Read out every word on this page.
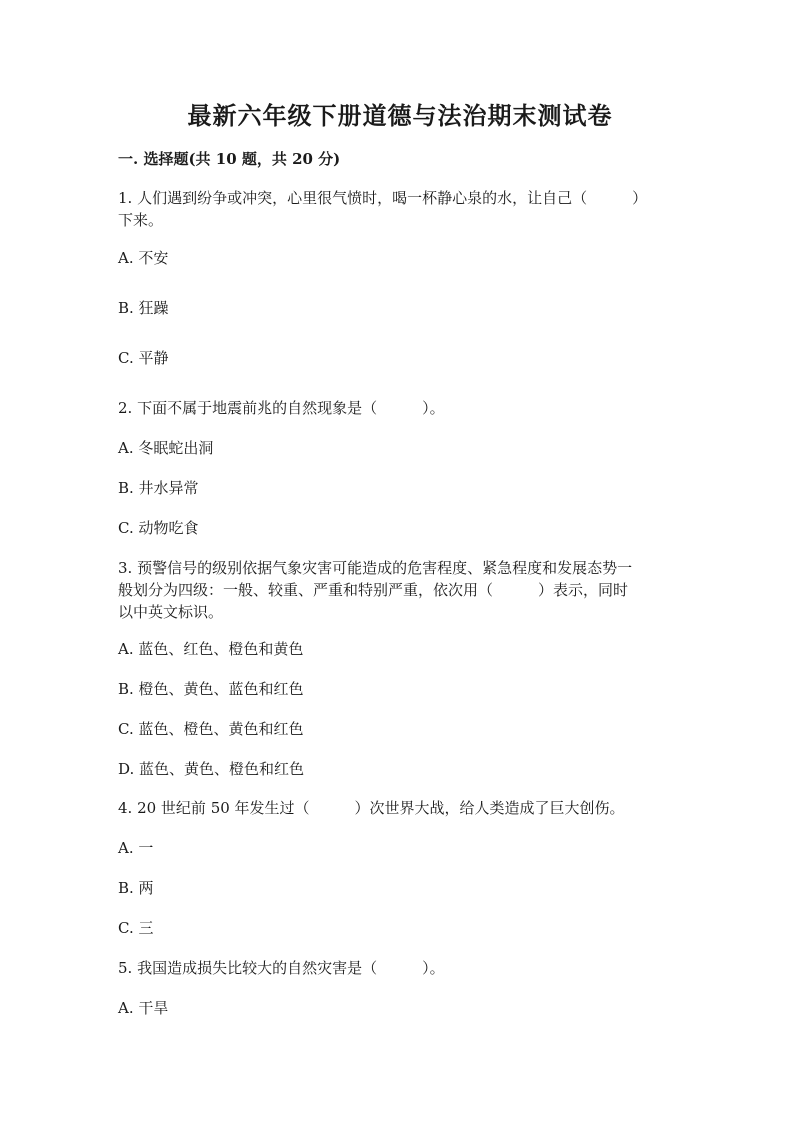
最新六年级下册道德与法治期末测试卷
一. 选择题(共 10 题，共 20 分)
1. 人们遇到纷争或冲突，心里很气愤时，喝一杯静心泉的水，让自己（　　　）
下来。
A. 不安
B. 狂躁
C. 平静
2. 下面不属于地震前兆的自然现象是（　　　）。
A. 冬眠蛇出洞
B. 井水异常
C. 动物吃食
3. 预警信号的级别依据气象灾害可能造成的危害程度、紧急程度和发展态势一
般划分为四级：一般、较重、严重和特别严重，依次用（　　　）表示，同时
以中英文标识。
A. 蓝色、红色、橙色和黄色
B. 橙色、黄色、蓝色和红色
C. 蓝色、橙色、黄色和红色
D. 蓝色、黄色、橙色和红色
4. 20 世纪前 50 年发生过（　　　）次世界大战，给人类造成了巨大创伤。
A. 一
B. 两
C. 三
5. 我国造成损失比较大的自然灾害是（　　　）。
A. 干旱
